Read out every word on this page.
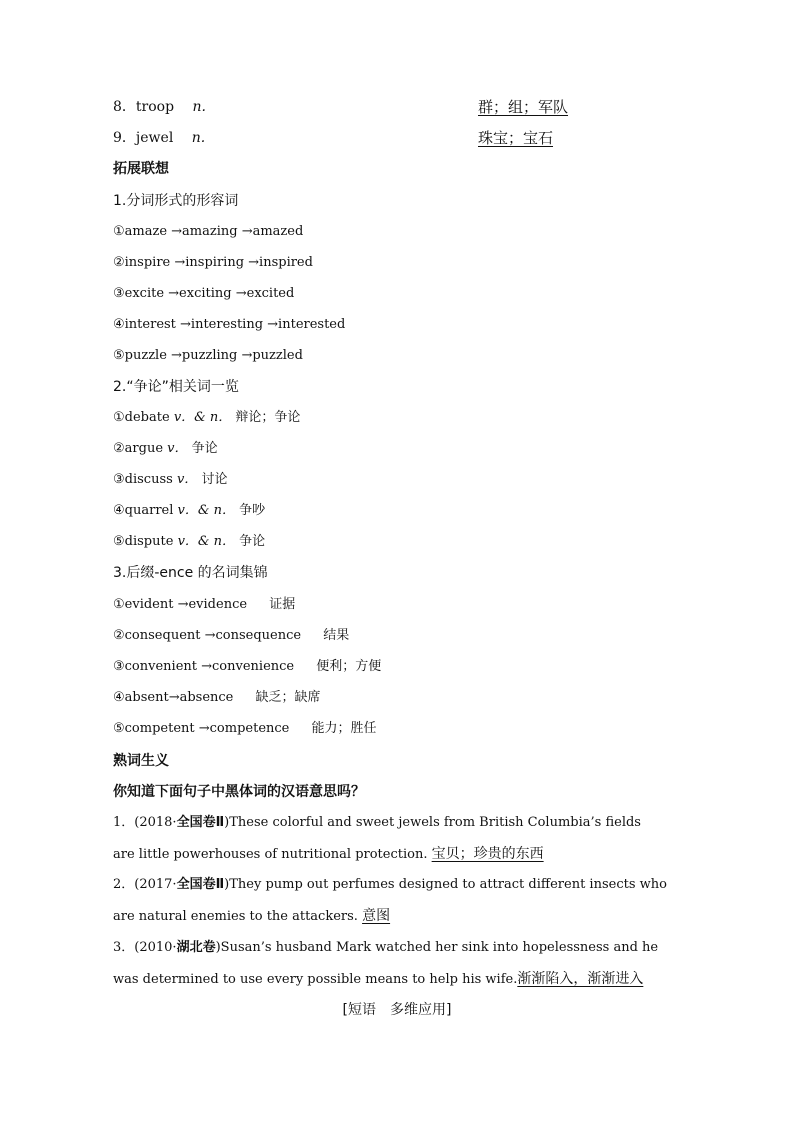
8．troop n.	群；组；军队
9．jewel n.	珠宝；宝石
拓展联想
1.分词形式的形容词
①amaze →amazing →amazed
②inspire →inspiring →inspired
③excite →exciting →excited
④interest →interesting →interested
⑤puzzle →puzzling →puzzled
2.“争论”相关词一览
①debate v．& n． 辩论；争论
②argue v． 争论
③discuss v． 讨论
④quarrel v．& n． 争吵
⑤dispute v．& n． 争论
3.后缀-ence 的名词集锦
①evident →evidence 证据
②consequent →consequence 结果
③convenient →convenience 便利；方便
④absent→absence 缺乏；缺席
⑤competent →competence 能力；胜任
熟词生义
你知道下面句子中黑体词的汉语意思吗？
1．(2018·全国卷Ⅱ)These colorful and sweet jewels from British Columbia’s fields
are little powerhouses of nutritional protection. 宝贝；珍贵的东西
2．(2017·全国卷Ⅱ)They pump out perfumes designed to attract different insects who
are natural enemies to the attackers. 意图
3．(2010·湖北卷)Susan’s husband Mark watched her sink into hopelessness and he
was determined to use every possible means to help his wife.渐渐陷入，渐渐进入
[短语　多维应用]
